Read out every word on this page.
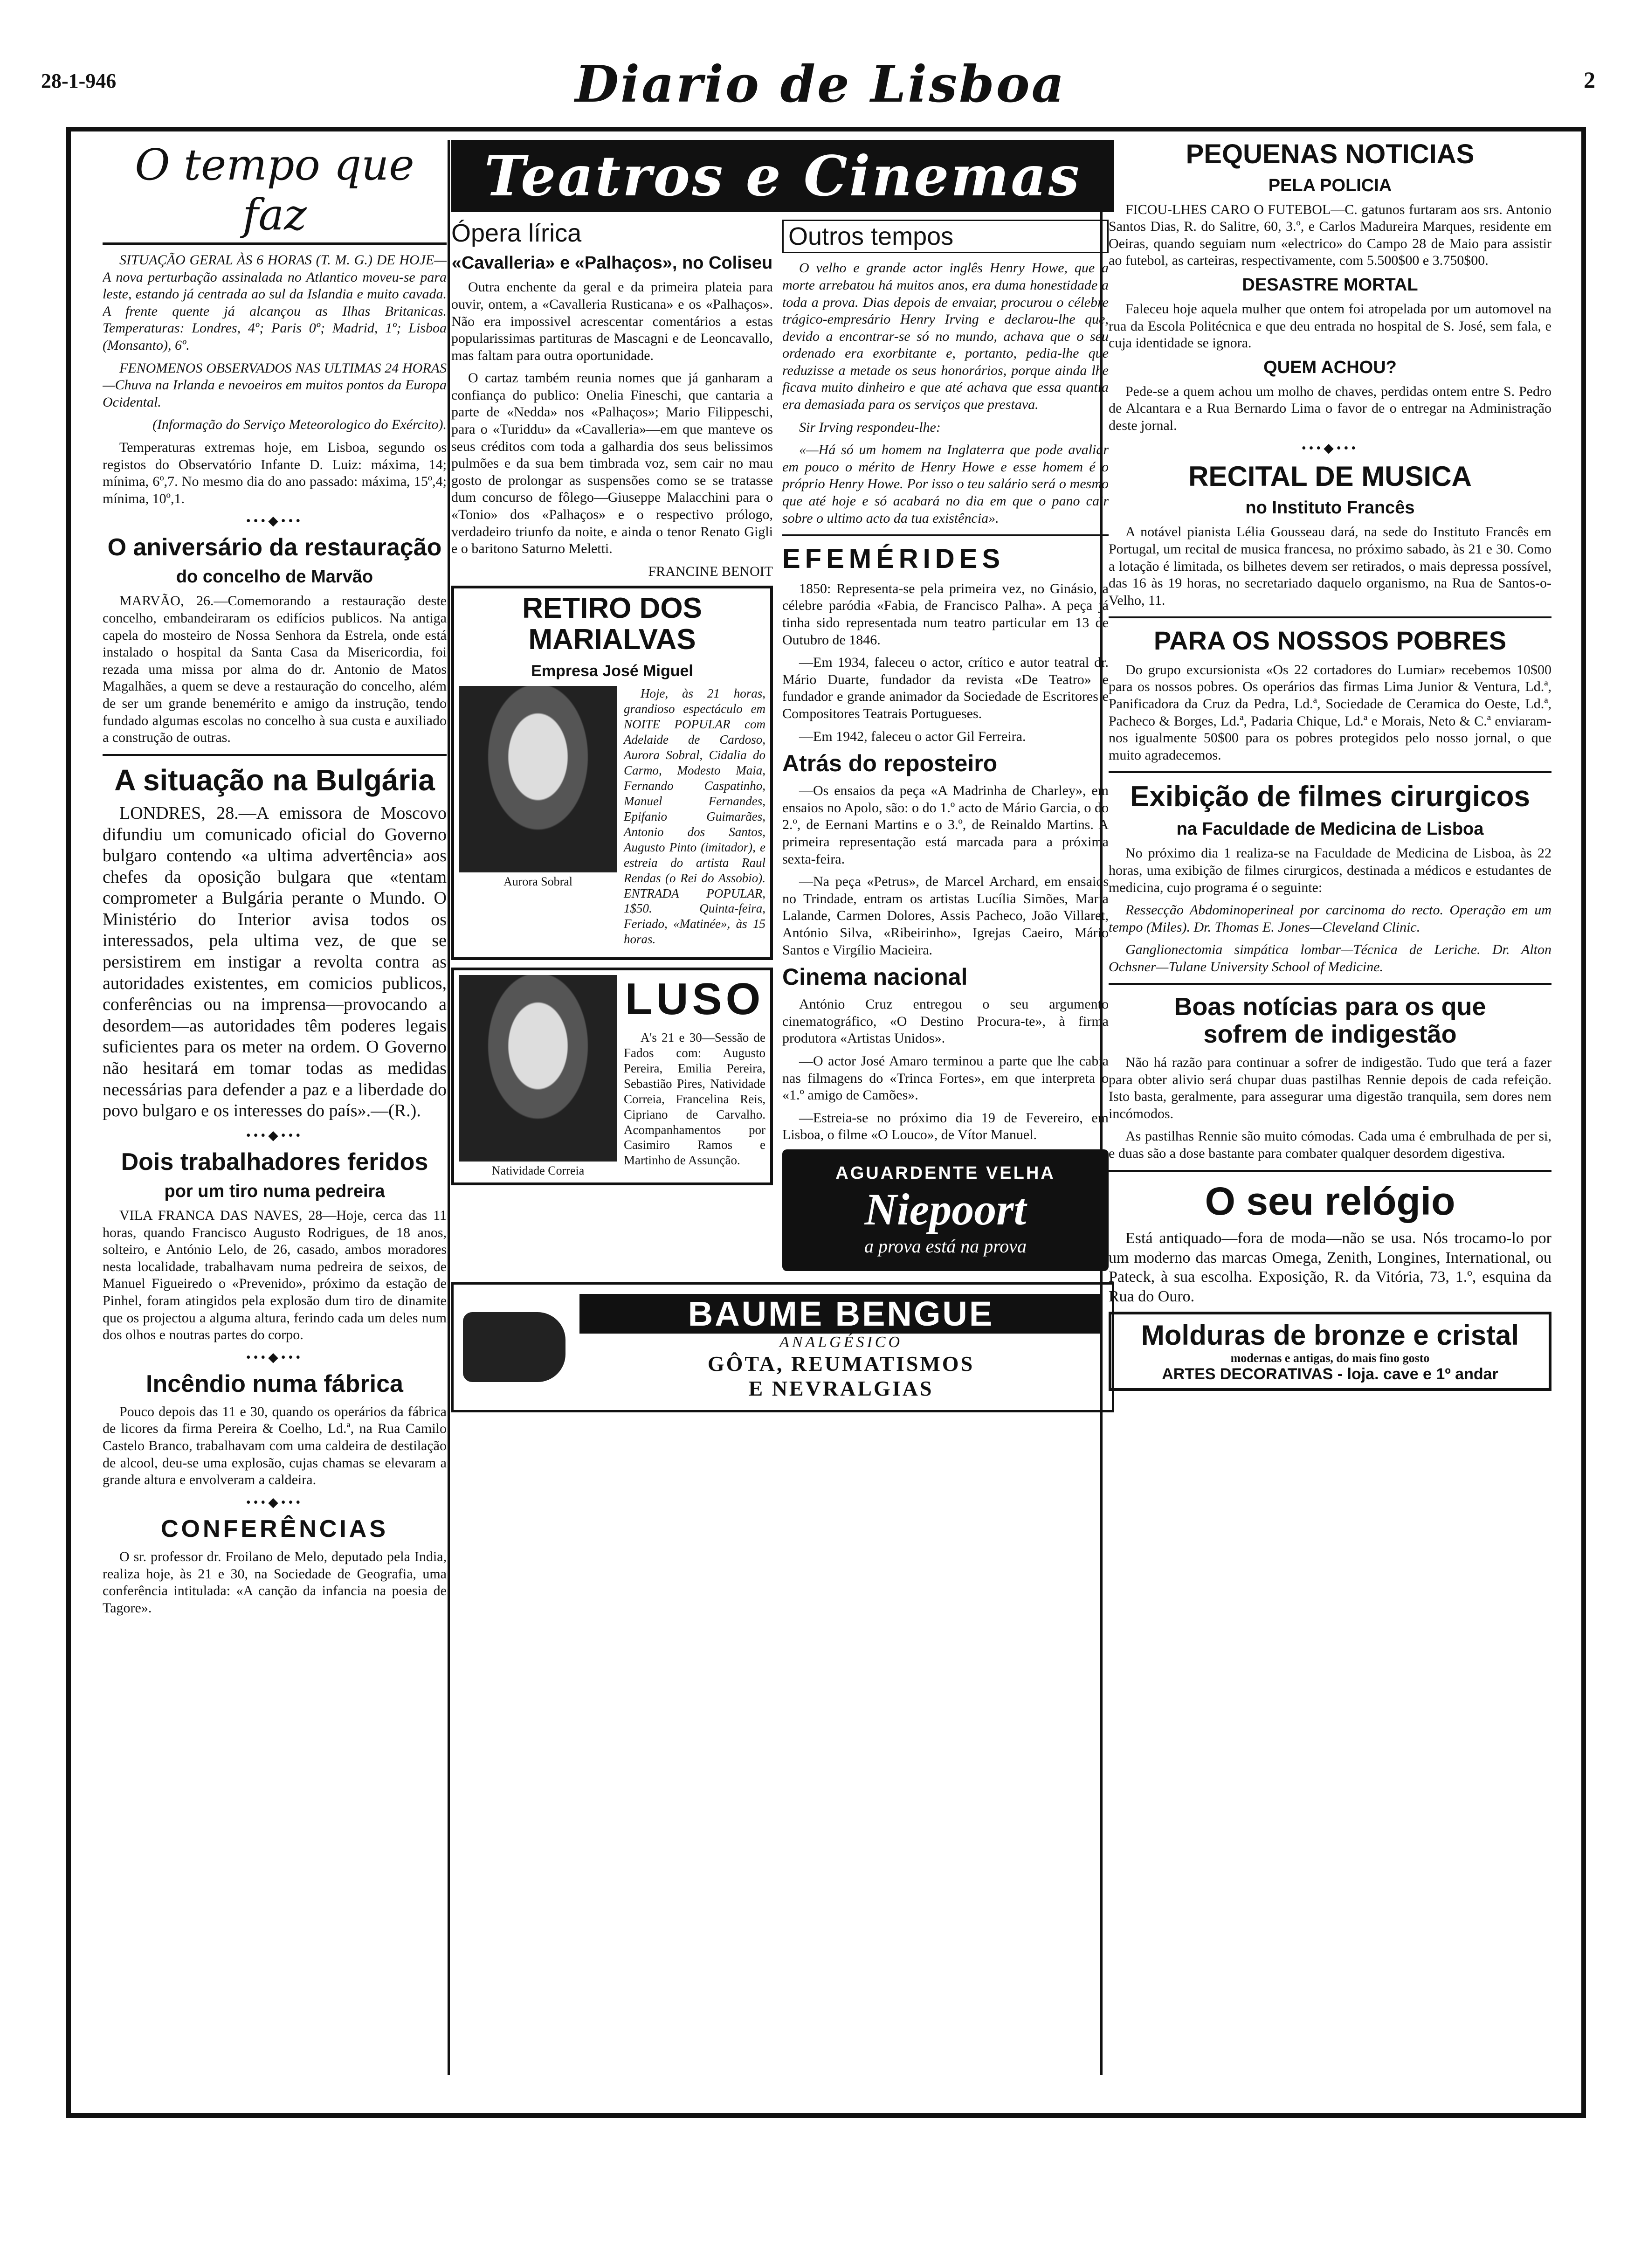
28-1-946	Diario de Lisboa	2
O tempo que faz

SITUAÇÃO GERAL ÀS 6 HORAS (T. M. G.) DE HOJE—A nova perturbação assinalada no Atlantico moveu-se para leste, estando já centrada ao sul da Islandia e muito cavada. A frente quente já alcançou as Ilhas Britanicas. Temperaturas: Londres, 4º; Paris 0º; Madrid, 1º; Lisboa (Monsanto), 6º.

FENOMENOS OBSERVADOS NAS ULTIMAS 24 HORAS—Chuva na Irlanda e nevoeiros em muitos pontos da Europa Ocidental.

(Informação do Serviço Meteorologico do Exército).

Temperaturas extremas hoje, em Lisboa, segundo os registos do Observatório Infante D. Luiz: máxima, 14; mínima, 6º,7. No mesmo dia do ano passado: máxima, 15º,4; mínima, 10º,1.

•••◆•••
O aniversário da restauração
do concelho de Marvão

MARVÃO, 26.—Comemorando a restauração deste concelho, embandeiraram os edifícios publicos. Na antiga capela do mosteiro de Nossa Senhora da Estrela, onde está instalado o hospital da Santa Casa da Misericordia, foi rezada uma missa por alma do dr. Antonio de Matos Magalhães, a quem se deve a restauração do concelho, além de ser um grande benemérito e amigo da instrução, tendo fundado algumas escolas no concelho à sua custa e auxiliado a construção de outras.

A situação na Bulgária

LONDRES, 28.—A emissora de Moscovo difundiu um comunicado oficial do Governo bulgaro contendo «a ultima advertência» aos chefes da oposição bulgara que «tentam comprometer a Bulgária perante o Mundo. O Ministério do Interior avisa todos os interessados, pela ultima vez, de que se persistirem em instigar a revolta contra as autoridades existentes, em comicios publicos, conferências ou na imprensa—provocando a desordem—as autoridades têm poderes legais suficientes para os meter na ordem. O Governo não hesitará em tomar todas as medidas necessárias para defender a paz e a liberdade do povo bulgaro e os interesses do país».—(R.).

•••◆•••
Dois trabalhadores feridos
por um tiro numa pedreira

VILA FRANCA DAS NAVES, 28—Hoje, cerca das 11 horas, quando Francisco Augusto Rodrigues, de 18 anos, solteiro, e António Lelo, de 26, casado, ambos moradores nesta localidade, trabalhavam numa pedreira de seixos, de Manuel Figueiredo o «Prevenido», próximo da estação de Pinhel, foram atingidos pela explosão dum tiro de dinamite que os projectou a alguma altura, ferindo cada um deles num dos olhos e noutras partes do corpo.

•••◆•••
Incêndio numa fábrica

Pouco depois das 11 e 30, quando os operários da fábrica de licores da firma Pereira & Coelho, Ld.ª, na Rua Camilo Castelo Branco, trabalhavam com uma caldeira de destilação de alcool, deu-se uma explosão, cujas chamas se elevaram a grande altura e envolveram a caldeira.

•••◆•••
CONFERÊNCIAS

O sr. professor dr. Froilano de Melo, deputado pela India, realiza hoje, às 21 e 30, na Sociedade de Geografia, uma conferência intitulada: «A canção da infancia na poesia de Tagore».

Teatros e Cinemas
Ópera lírica
«Cavalleria» e «Palhaços», no Coliseu

Outra enchente da geral e da primeira plateia para ouvir, ontem, a «Cavalleria Rusticana» e os «Palhaços». Não era impossivel acrescentar comentários a estas popularissimas partituras de Mascagni e de Leoncavallo, mas faltam para outra oportunidade.

O cartaz também reunia nomes que já ganharam a confiança do publico: Onelia Fineschi, que cantaria a parte de «Nedda» nos «Palhaços»; Mario Filippeschi, para o «Turiddu» da «Cavalleria»—em que manteve os seus créditos com toda a galhardia dos seus belissimos pulmões e da sua bem timbrada voz, sem cair no mau gosto de prolongar as suspensões como se se tratasse dum concurso de fôlego—Giuseppe Malacchini para o «Tonio» dos «Palhaços» e o respectivo prólogo, verdadeiro triunfo da noite, e ainda o tenor Renato Gigli e o baritono Saturno Meletti.

FRANCINE BENOIT

RETIRO DOS MARIALVAS
Empresa José Miguel
Aurora Sobral

Hoje, às 21 horas, grandioso espectáculo em NOITE POPULAR com Adelaide de Cardoso, Aurora Sobral, Cidalia do Carmo, Modesto Maia, Fernando Caspatinho, Manuel Fernandes, Epifanio Guimarães, Antonio dos Santos, Augusto Pinto (imitador), e estreia do artista Raul Rendas (o Rei do Assobio). ENTRADA POPULAR, 1$50. Quinta-feira, Feriado, «Matinée», às 15 horas.

Natividade Correia
LUSO

A's 21 e 30—Sessão de Fados com: Augusto Pereira, Emilia Pereira, Sebastião Pires, Natividade Correia, Francelina Reis, Cipriano de Carvalho. Acompanhamentos por Casimiro Ramos e Martinho de Assunção.

Outros tempos

O velho e grande actor inglês Henry Howe, que a morte arrebatou há muitos anos, era duma honestidade a toda a prova. Dias depois de envaiar, procurou o célebre trágico-empresário Henry Irving e declarou-lhe que, devido a encontrar-se só no mundo, achava que o seu ordenado era exorbitante e, portanto, pedia-lhe que reduzisse a metade os seus honorários, porque ainda lhe ficava muito dinheiro e que até achava que essa quantia era demasiada para os serviços que prestava.

Sir Irving respondeu-lhe:

«—Há só um homem na Inglaterra que pode avaliar em pouco o mérito de Henry Howe e esse homem é o próprio Henry Howe. Por isso o teu salário será o mesmo que até hoje e só acabará no dia em que o pano cair sobre o ultimo acto da tua existência».

EFEMÉRIDES

1850: Representa-se pela primeira vez, no Ginásio, a célebre paródia «Fabia, de Francisco Palha». A peça já tinha sido representada num teatro particular em 13 de Outubro de 1846.

—Em 1934, faleceu o actor, crítico e autor teatral dr. Mário Duarte, fundador da revista «De Teatro» e fundador e grande animador da Sociedade de Escritores e Compositores Teatrais Portugueses.

—Em 1942, faleceu o actor Gil Ferreira.

Atrás do reposteiro

—Os ensaios da peça «A Madrinha de Charley», em ensaios no Apolo, são: o do 1.º acto de Mário Garcia, o do 2.º, de Eernani Martins e o 3.º, de Reinaldo Martins. A primeira representação está marcada para a próxima sexta-feira.

—Na peça «Petrus», de Marcel Archard, em ensaios no Trindade, entram os artistas Lucília Simões, Maria Lalande, Carmen Dolores, Assis Pacheco, João Villaret, António Silva, «Ribeirinho», Igrejas Caeiro, Mário Santos e Virgílio Macieira.

Cinema nacional

António Cruz entregou o seu argumento cinematográfico, «O Destino Procura-te», à firma produtora «Artistas Unidos».

—O actor José Amaro terminou a parte que lhe cabia nas filmagens do «Trinca Fortes», em que interpreta o «1.º amigo de Camões».

—Estreia-se no próximo dia 19 de Fevereiro, em Lisboa, o filme «O Louco», de Vítor Manuel.

AGUARDENTE VELHA
Niepoort
a prova está na prova
BAUME BENGUE
ANALGÉSICO
GÔTA, REUMATISMOS
E NEVRALGIAS
PEQUENAS NOTICIAS
PELA POLICIA

FICOU-LHES CARO O FUTEBOL—C. gatunos furtaram aos srs. Antonio Santos Dias, R. do Salitre, 60, 3.º, e Carlos Madureira Marques, residente em Oeiras, quando seguiam num «electrico» do Campo 28 de Maio para assistir ao futebol, as carteiras, respectivamente, com 5.500$00 e 3.750$00.

DESASTRE MORTAL

Faleceu hoje aquela mulher que ontem foi atropelada por um automovel na rua da Escola Politécnica e que deu entrada no hospital de S. José, sem fala, e cuja identidade se ignora.

QUEM ACHOU?

Pede-se a quem achou um molho de chaves, perdidas ontem entre S. Pedro de Alcantara e a Rua Bernardo Lima o favor de o entregar na Administração deste jornal.

•••◆•••
RECITAL DE MUSICA
no Instituto Francês

A notável pianista Lélia Gousseau dará, na sede do Instituto Francês em Portugal, um recital de musica francesa, no próximo sabado, às 21 e 30. Como a lotação é limitada, os bilhetes devem ser retirados, o mais depressa possível, das 16 às 19 horas, no secretariado daquelo organismo, na Rua de Santos-o-Velho, 11.

PARA OS NOSSOS POBRES

Do grupo excursionista «Os 22 cortadores do Lumiar» recebemos 10$00 para os nossos pobres. Os operários das firmas Lima Junior & Ventura, Ld.ª, Panificadora da Cruz da Pedra, Ld.ª, Sociedade de Ceramica do Oeste, Ld.ª, Pacheco & Borges, Ld.ª, Padaria Chique, Ld.ª e Morais, Neto & C.ª enviaram-nos igualmente 50$00 para os pobres protegidos pelo nosso jornal, o que muito agradecemos.

Exibição de filmes cirurgicos
na Faculdade de Medicina de Lisboa

No próximo dia 1 realiza-se na Faculdade de Medicina de Lisboa, às 22 horas, uma exibição de filmes cirurgicos, destinada a médicos e estudantes de medicina, cujo programa é o seguinte:

Ressecção Abdominoperineal por carcinoma do recto. Operação em um tempo (Miles). Dr. Thomas E. Jones—Cleveland Clinic.

Ganglionectomia simpática lombar—Técnica de Leriche. Dr. Alton Ochsner—Tulane University School of Medicine.

Boas notícias para os que sofrem de indigestão

Não há razão para continuar a sofrer de indigestão. Tudo que terá a fazer para obter alivio será chupar duas pastilhas Rennie depois de cada refeição. Isto basta, geralmente, para assegurar uma digestão tranquila, sem dores nem incómodos.

As pastilhas Rennie são muito cómodas. Cada uma é embrulhada de per si, e duas são a dose bastante para combater qualquer desordem digestiva.

O seu relógio

Está antiquado—fora de moda—não se usa. Nós trocamo-lo por um moderno das marcas Omega, Zenith, Longines, International, ou Pateck, à sua escolha. Exposição, R. da Vitória, 73, 1.º, esquina da Rua do Ouro.

Molduras de bronze e cristal
modernas e antigas, do mais fino gosto
ARTES DECORATIVAS - loja. cave e 1º andar
